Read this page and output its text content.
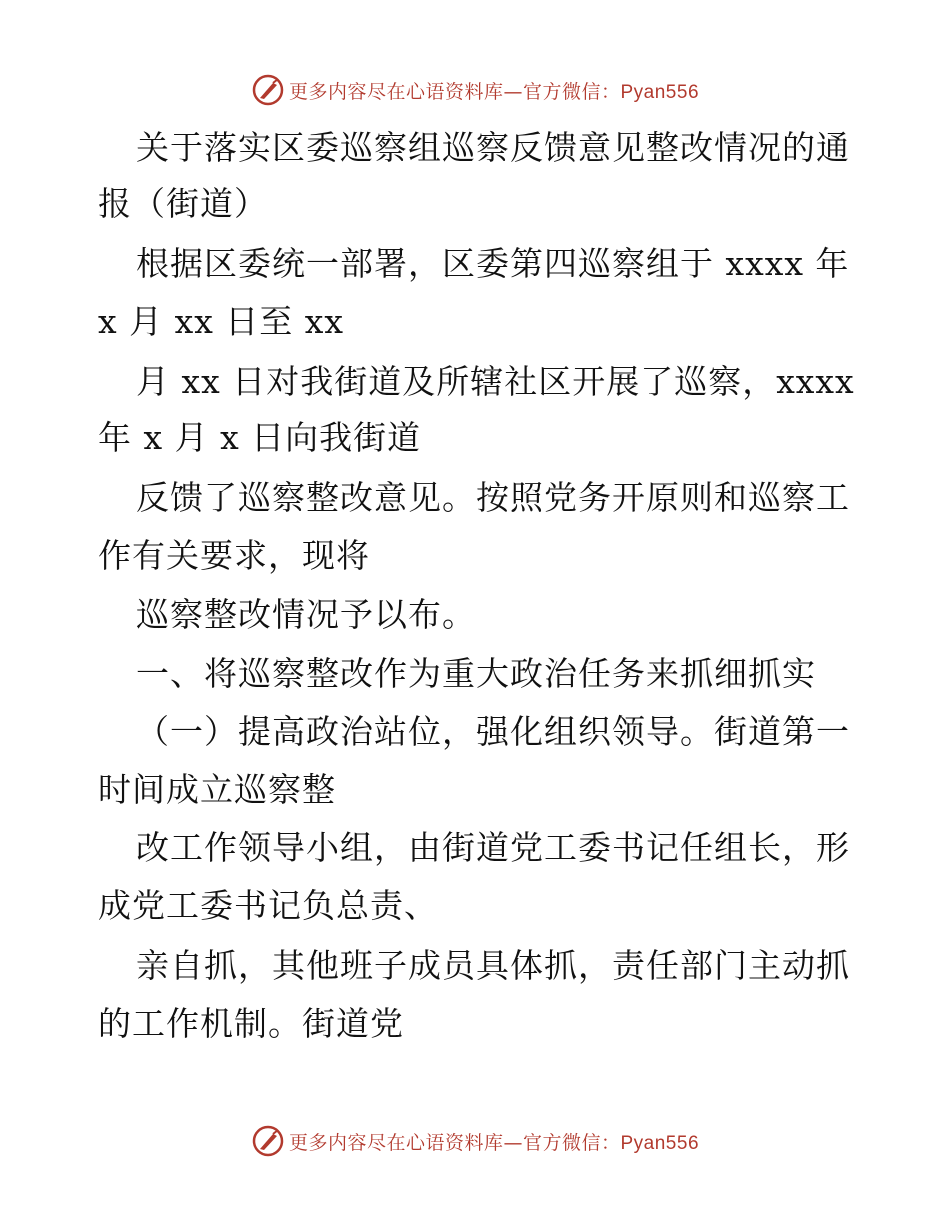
更多内容尽在心语资料库—官方微信：Pyan556
关于落实区委巡察组巡察反馈意见整改情况的通
报（街道）
根据区委统一部署，区委第四巡察组于 xxxx 年
x 月 xx 日至 xx
月 xx 日对我街道及所辖社区开展了巡察，xxxx
年 x 月 x 日向我街道
反馈了巡察整改意见。按照党务开原则和巡察工
作有关要求，现将
巡察整改情况予以布。
一、将巡察整改作为重大政治任务来抓细抓实
（一）提高政治站位，强化组织领导。街道第一
时间成立巡察整
改工作领导小组，由街道党工委书记任组长，形
成党工委书记负总责、
亲自抓，其他班子成员具体抓，责任部门主动抓
的工作机制。街道党
更多内容尽在心语资料库—官方微信：Pyan556
